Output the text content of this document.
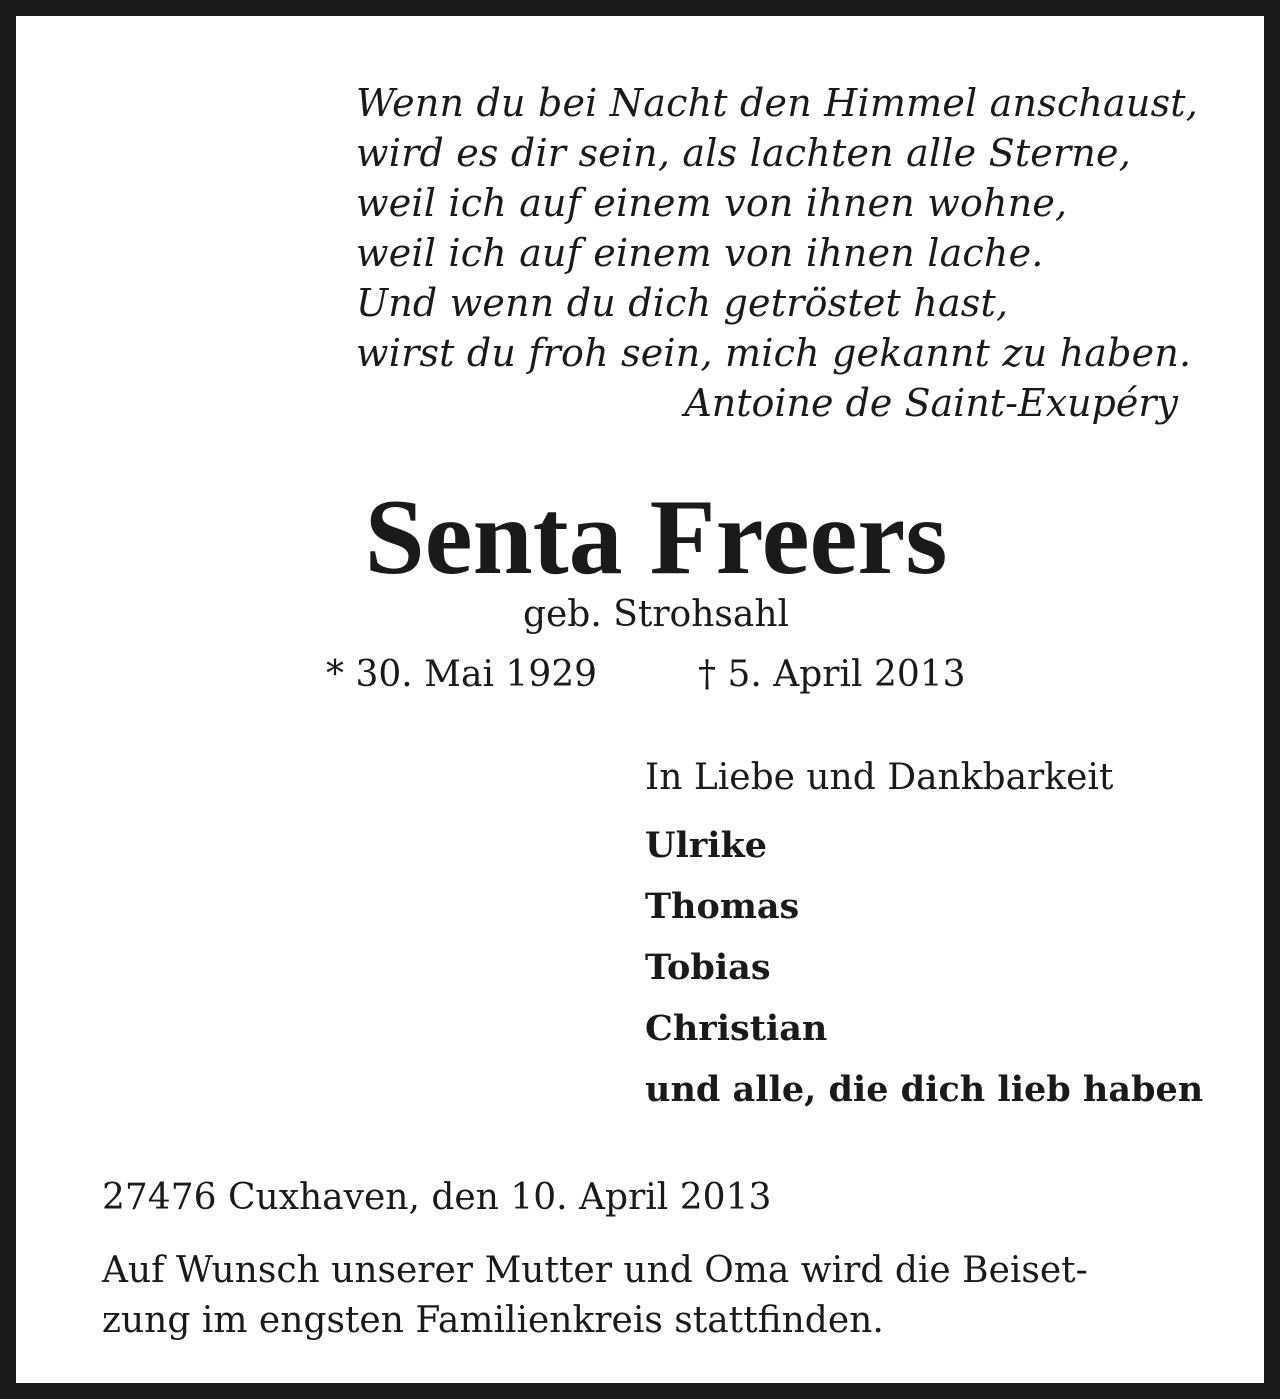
Wenn du bei Nacht den Himmel anschaust,
wird es dir sein, als lachten alle Sterne,
weil ich auf einem von ihnen wohne,
weil ich auf einem von ihnen lache.
Und wenn du dich getröstet hast,
wirst du froh sein, mich gekannt zu haben.
Antoine de Saint-Exupéry
Senta Freers
geb. Strohsahl
* 30. Mai 1929	† 5. April 2013
In Liebe und Dankbarkeit
Ulrike
Thomas
Tobias
Christian
und alle, die dich lieb haben
27476 Cuxhaven, den 10. April 2013
Auf Wunsch unserer Mutter und Oma wird die Beiset-
zung im engsten Familienkreis stattfinden.
